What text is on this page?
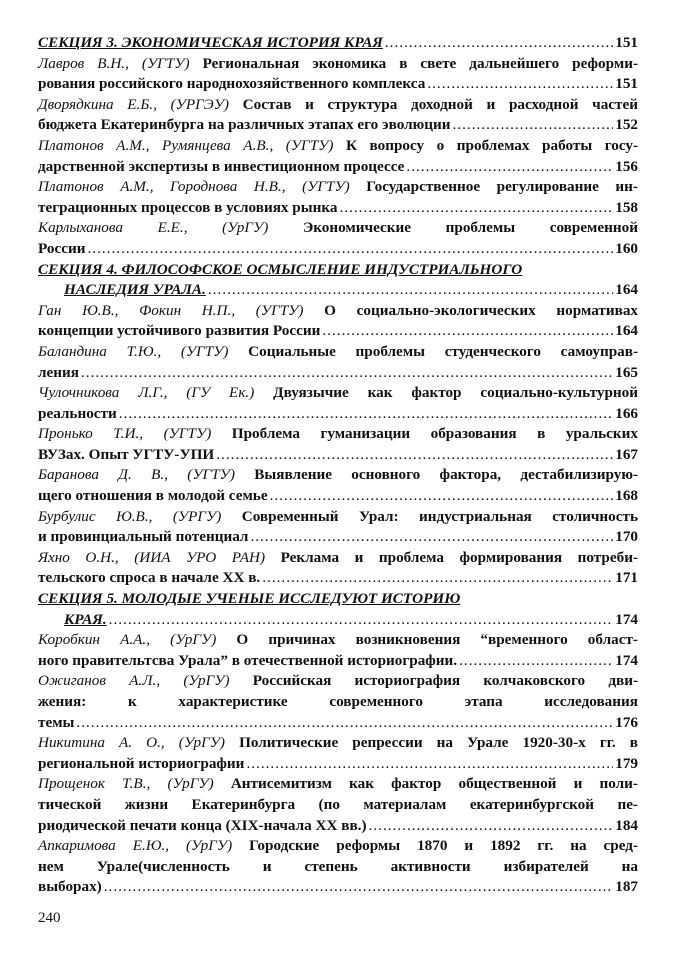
СЕКЦИЯ 3. ЭКОНОМИЧЕСКАЯ ИСТОРИЯ КРАЯ .....	151
Лавров В.Н., (УГТУ) Региональная экономика в свете дальнейшего реформи-
рования российского народнохозяйственного комплекса .....	151
Дворядкина Е.Б., (УРГЭУ) Состав и структура доходной и расходной частей
бюджета Екатеринбурга на различных этапах его эволюции .....	152
Платонов А.М., Румянцева А.В., (УГТУ) К вопросу о проблемах работы госу-
дарственной экспертизы в инвестиционном процессе .....	156
Платонов А.М., Городнова Н.В., (УГТУ) Государственное регулирование ин-
теграционных процессов в условиях рынка .....	158
Карлыханова Е.Е., (УрГУ) Экономические проблемы современной
России .....	160
СЕКЦИЯ 4. ФИЛОСОФСКОЕ ОСМЫСЛЕНИЕ ИНДУСТРИАЛЬНОГО
НАСЛЕДИЯ УРАЛА. .....	164
Ган Ю.В., Фокин Н.П., (УГТУ) О социально-экологических нормативах
концепции устойчивого развития России .....	164
Баландина Т.Ю., (УГТУ) Социальные проблемы студенческого самоуправ-
ления .....	165
Чулочникова Л.Г., (ГУ Ек.) Двуязычие как фактор социально-культурной
реальности .....	166
Пронько Т.И., (УГТУ) Проблема гуманизации образования в уральских
ВУЗах. Опыт УГТУ-УПИ .....	167
Баранова Д. В., (УГТУ) Выявление основного фактора, дестабилизирую-
щего отношения в молодой семье .....	168
Бурбулис Ю.В., (УРГУ) Современный Урал: индустриальная столичность
и провинциальный потенциал .....	170
Яхно О.Н., (ИИА УРО РАН) Реклама и проблема формирования потреби-
тельского спроса в начале XX в. .....	171
СЕКЦИЯ 5. МОЛОДЫЕ УЧЕНЫЕ ИССЛЕДУЮТ ИСТОРИЮ
КРАЯ. .....	174
Коробкин А.А., (УрГУ) О причинах возникновения “временного област-
ного правительтсва Урала” в отечественной историографии. .....	174
Ожиганов А.Л., (УрГУ) Российская историография колчаковского дви-
жения: к характеристике современного этапа исследования
темы .....	176
Никитина А. О., (УрГУ) Политические репрессии на Урале 1920-30-х гг. в
региональной историографии .....	179
Прощенок Т.В., (УрГУ) Антисемитизм как фактор общественной и поли-
тической жизни Екатеринбурга (по материалам екатеринбургской пе-
риодической печати конца (XIX-начала XX вв.) .....	184
Апкаримова Е.Ю., (УрГУ) Городские реформы 1870 и 1892 гг. на сред-
нем Урале(численность и степень активности избирателей на
выборах) .....	187
240
